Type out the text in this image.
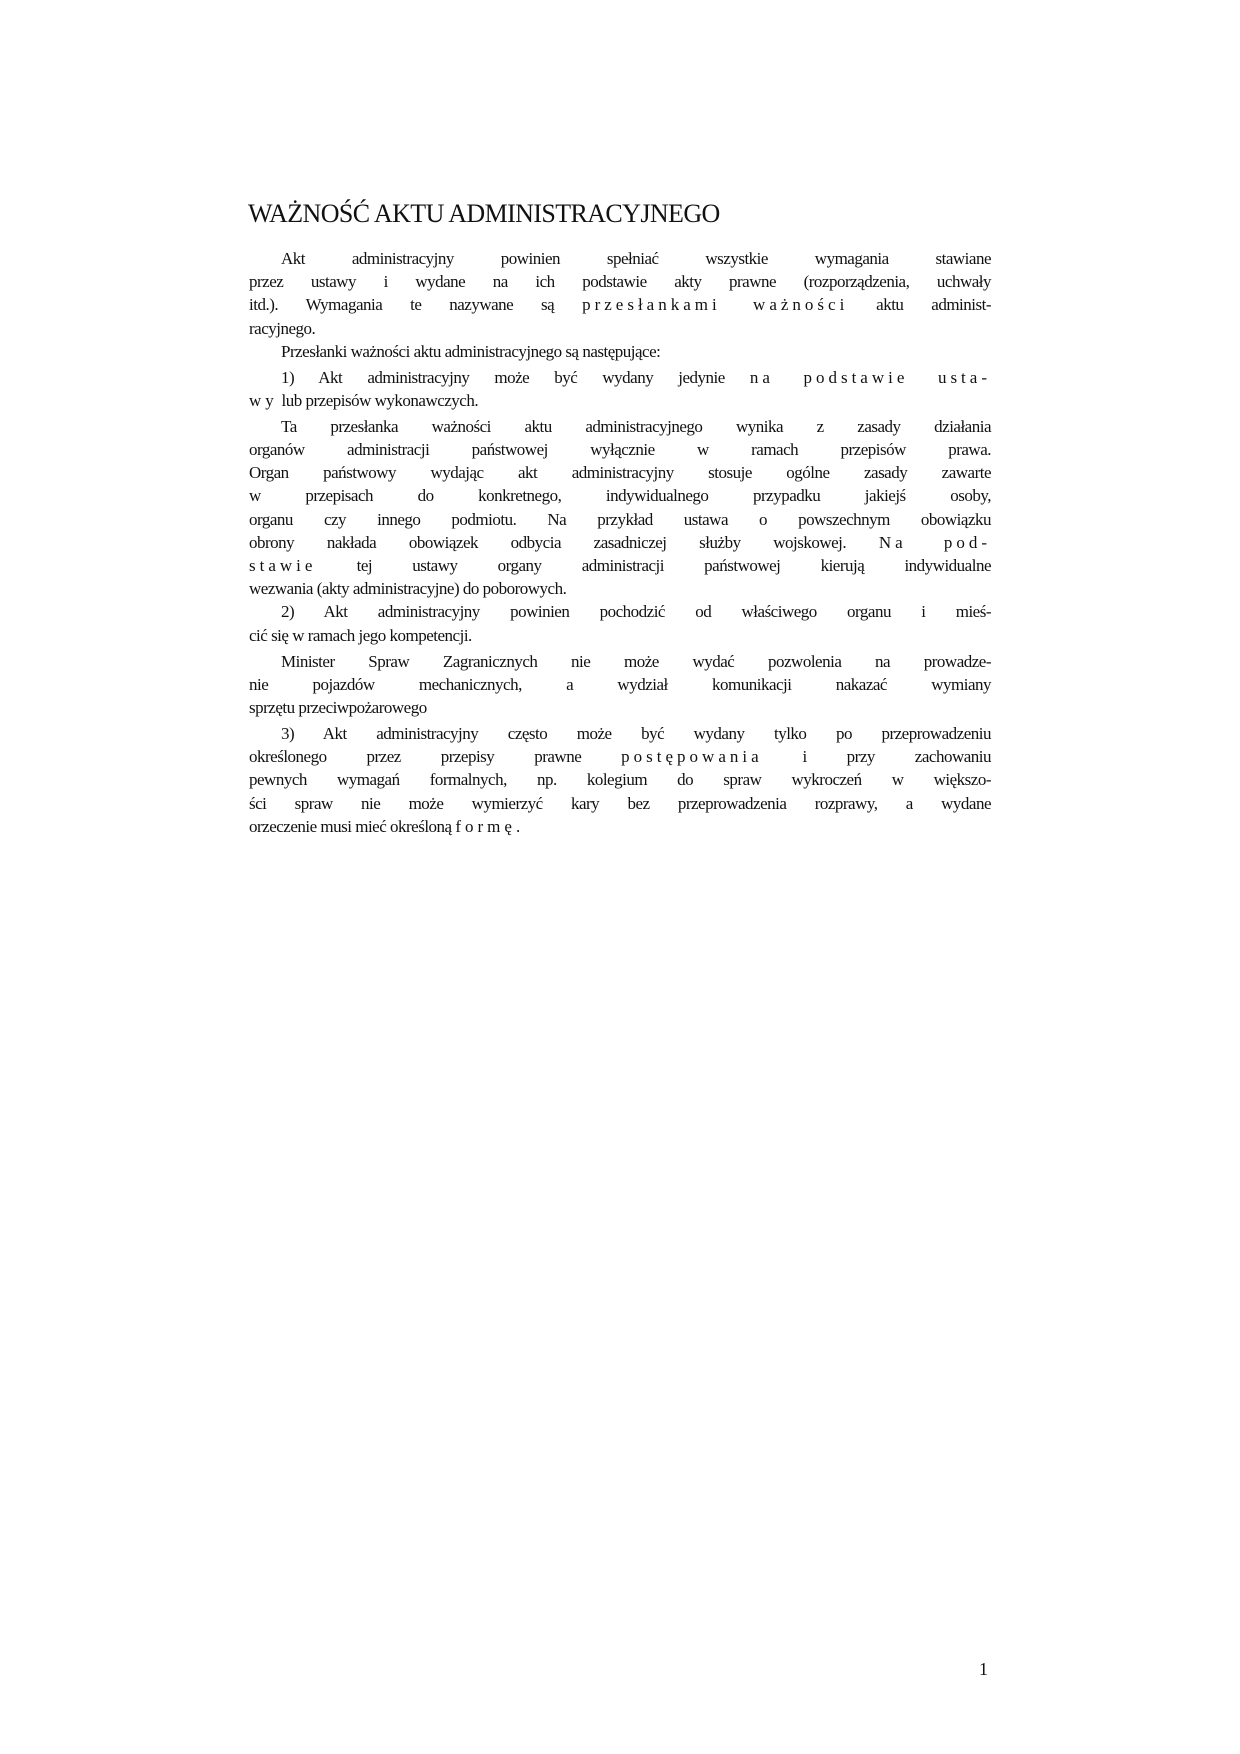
WAŻNOŚĆ AKTU ADMINISTRACYJNEGO
Akt administracyjny powinien spełniać wszystkie wymagania stawiane
przez ustawy i wydane na ich podstawie akty prawne (rozporządzenia, uchwały
itd.). Wymagania te nazywane są przesłankami ważności aktu administ-
racyjnego.
Przesłanki ważności aktu administracyjnego są następujące:
1) Akt administracyjny może być wydany jedynie na podstawie usta-
wy lub przepisów wykonawczych.
Ta przesłanka ważności aktu administracyjnego wynika z zasady działania
organów administracji państwowej wyłącznie w ramach przepisów prawa.
Organ państwowy wydając akt administracyjny stosuje ogólne zasady zawarte
w przepisach do konkretnego, indywidualnego przypadku jakiejś osoby,
organu czy innego podmiotu. Na przykład ustawa o powszechnym obowiązku
obrony nakłada obowiązek odbycia zasadniczej służby wojskowej. Na pod-
stawie tej ustawy organy administracji państwowej kierują indywidualne
wezwania (akty administracyjne) do poborowych.
2) Akt administracyjny powinien pochodzić od właściwego organu i mieś-
cić się w ramach jego kompetencji.
Minister Spraw Zagranicznych nie może wydać pozwolenia na prowadze-
nie pojazdów mechanicznych, a wydział komunikacji nakazać wymiany
sprzętu przeciwpożarowego
3) Akt administracyjny często może być wydany tylko po przeprowadzeniu
określonego przez przepisy prawne postępowania i przy zachowaniu
pewnych wymagań formalnych, np. kolegium do spraw wykroczeń w większo-
ści spraw nie może wymierzyć kary bez przeprowadzenia rozprawy, a wydane
orzeczenie musi mieć określoną formę.
1
